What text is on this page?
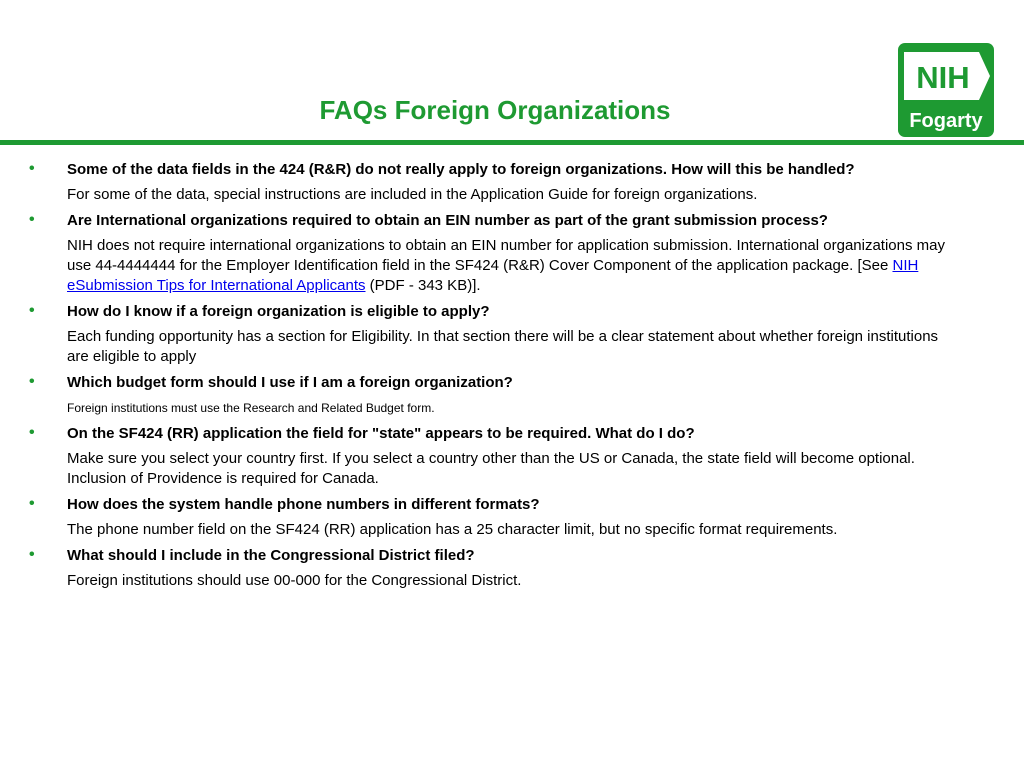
FAQs Foreign Organizations
NIH
Fogarty
•	Some of the data fields in the 424 (R&R) do not really apply to foreign organizations. How will this be handled?

For some of the data, special instructions are included in the Application Guide for foreign organizations.

•	Are International organizations required to obtain an EIN number as part of the grant submission process?

NIH does not require international organizations to obtain an EIN number for application submission. International organizations may use 44-4444444 for the Employer Identification field in the SF424 (R&R) Cover Component of the application package. [See NIH eSubmission Tips for International Applicants (PDF - 343 KB)].

•	How do I know if a foreign organization is eligible to apply?

Each funding opportunity has a section for Eligibility. In that section there will be a clear statement about whether foreign institutions are eligible to apply

•	Which budget form should I use if I am a foreign organization?

Foreign institutions must use the Research and Related Budget form.

•	On the SF424 (RR) application the field for "state" appears to be required. What do I do?

Make sure you select your country first. If you select a country other than the US or Canada, the state field will become optional. Inclusion of Providence is required for Canada.

•	How does the system handle phone numbers in different formats?

The phone number field on the SF424 (RR) application has a 25 character limit, but no specific format requirements.

•	What should I include in the Congressional District filed?

Foreign institutions should use 00-000 for the Congressional District.
